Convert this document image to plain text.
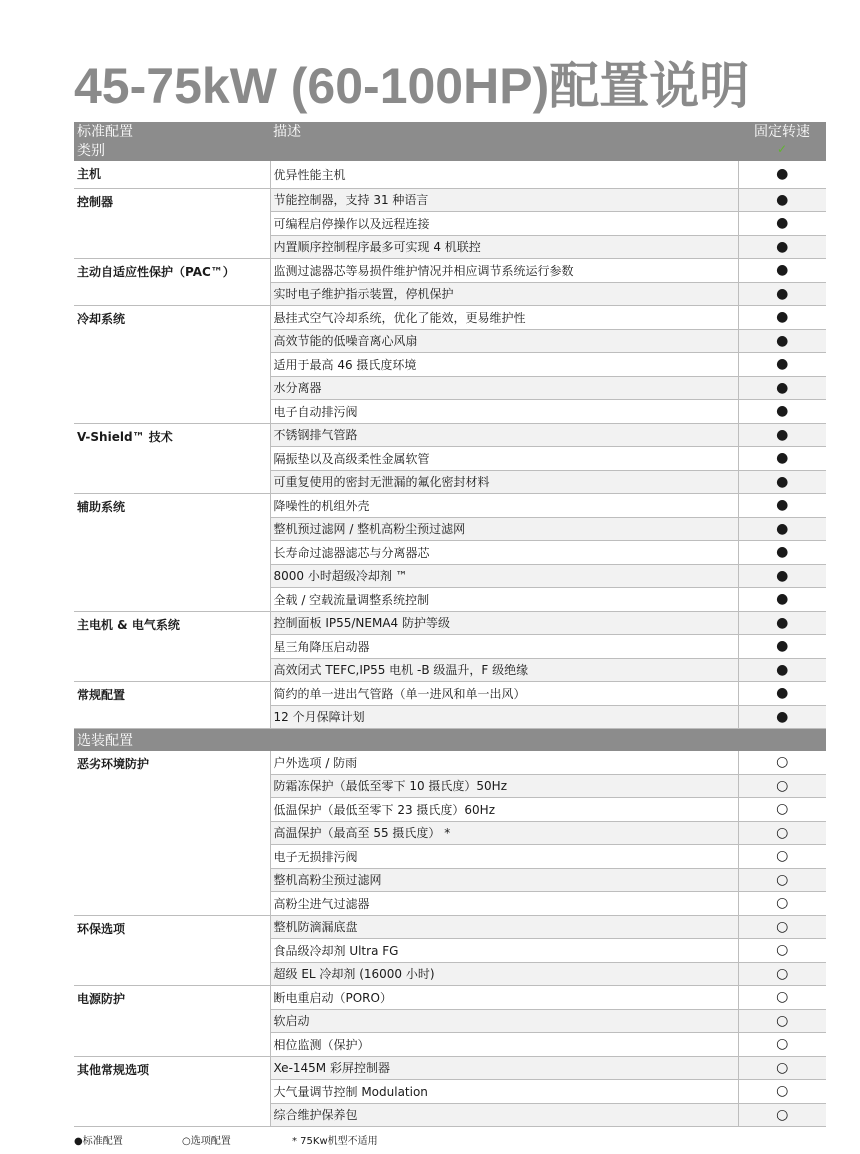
45-75kW (60-100HP)配置说明
标准配置
类别	描述	固定转速
✓

主机	优异性能主机	●
控制器	节能控制器，支持 31 种语言	●
	可编程启停操作以及远程连接	●
	内置顺序控制程序最多可实现 4 机联控	●
主动自适应性保护（PAC™）	监测过滤器芯等易损件维护情况并相应调节系统运行参数	●
	实时电子维护指示装置，停机保护	●
冷却系统	悬挂式空气冷却系统，优化了能效，更易维护性	●
	高效节能的低噪音离心风扇	●
	适用于最高 46 摄氏度环境	●
	水分离器	●
	电子自动排污阀	●
V-Shield™ 技术	不锈钢排气管路	●
	隔振垫以及高级柔性金属软管	●
	可重复使用的密封无泄漏的氟化密封材料	●
辅助系统	降噪性的机组外壳	●
	整机预过滤网 / 整机高粉尘预过滤网	●
	长寿命过滤器滤芯与分离器芯	●
	8000 小时超级冷却剂 ™	●
	全载 / 空载流量调整系统控制	●
主电机 & 电气系统	控制面板 IP55/NEMA4 防护等级	●
	星三角降压启动器	●
	高效闭式 TEFC,IP55 电机 -B 级温升，F 级绝缘	●
常规配置	简约的单一进出气管路（单一进风和单一出风）	●
	12 个月保障计划	●
选装配置		
恶劣环境防护	户外选项 / 防雨	○
	防霜冻保护（最低至零下 10 摄氏度）50Hz	○
	低温保护（最低至零下 23 摄氏度）60Hz	○
	高温保护（最高至 55 摄氏度） *	○
	电子无损排污阀	○
	整机高粉尘预过滤网	○
	高粉尘进气过滤器	○
环保选项	整机防滴漏底盘	○
	食品级冷却剂 Ultra FG	○
	超级 EL 冷却剂 (16000 小时)	○
电源防护	断电重启动（PORO）	○
	软启动	○
	相位监测（保护）	○
其他常规选项	Xe-145M 彩屏控制器	○
	大气量调节控制 Modulation	○
	综合维护保养包	○
●标准配置	○选项配置	* 75Kw机型不适用
